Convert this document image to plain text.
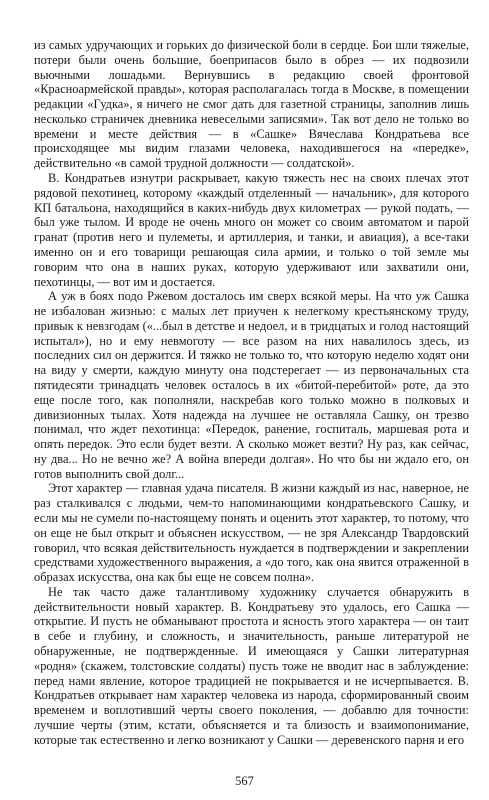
из самых удручающих и горьких до физической боли в сердце. Бои шли тяжелые, потери были очень большие, боеприпасов было в обрез — их подвозили вьючными лошадьми. Вернувшись в редакцию своей фронтовой «Красноармейской правды», которая располагалась тогда в Москве, в помещении редакции «Гудка», я ничего не смог дать для газетной страницы, заполнив лишь несколько страничек дневника невеселыми записями». Так вот дело не только во времени и месте действия — в «Сашке» Вячеслава Кондратьева все происходящее мы видим глазами человека, находившегося на «передке», действительно «в самой трудной должности — солдатской».

В. Кондратьев изнутри раскрывает, какую тяжесть нес на своих плечах этот рядовой пехотинец, которому «каждый отделенный — начальник», для которого КП батальона, находящийся в каких-нибудь двух километрах — рукой подать, — был уже тылом. И вроде не очень много он может со своим автоматом и парой гранат (против него и пулеметы, и артиллерия, и танки, и авиация), а все-таки именно он и его товарищи решающая сила армии, и только о той земле мы говорим что она в наших руках, которую удерживают или захватили они, пехотинцы, — вот им и достается.

А уж в боях подо Ржевом досталось им сверх всякой меры. На что уж Сашка не избалован жизнью: с малых лет приучен к нелегкому крестьянскому труду, привык к невзгодам («...был в детстве и недоел, и в тридцатых и голод настоящий испытал»), но и ему невмоготу — все разом на них навалилось здесь, из последних сил он держится. И тяжко не только то, что которую неделю ходят они на виду у смерти, каждую минуту она подстерегает — из первоначальных ста пятидесяти тринадцать человек осталось в их «битой-перебитой» роте, да это еще после того, как пополняли, наскребав кого только можно в полковых и дивизионных тылах. Хотя надежда на лучшее не оставляла Сашку, он трезво понимал, что ждет пехотинца: «Передок, ранение, госпиталь, маршевая рота и опять передок. Это если будет везти. А сколько может везти? Ну раз, как сейчас, ну два... Но не вечно же? А война впереди долгая». Но что бы ни ждало его, он готов выполнить свой долг...

Этот характер — главная удача писателя. В жизни каждый из нас, наверное, не раз сталкивался с людьми, чем-то напоминающими кондратьевского Сашку, и если мы не сумели по-настоящему понять и оценить этот характер, то потому, что он еще не был открыт и объяснен искусством, — не зря Александр Твардовский говорил, что всякая действительность нуждается в подтверждении и закреплении средствами художественного выражения, а «до того, как она явится отраженной в образах искусства, она как бы еще не совсем полна».

Не так часто даже талантливому художнику случается обнаружить в действительности новый характер. В. Кондратьеву это удалось, его Сашка — открытие. И пусть не обманывают простота и ясность этого характера — он таит в себе и глубину, и сложность, и значительность, раньше литературой не обнаруженные, не подтвержденные. И имеющаяся у Сашки литературная «родня» (скажем, толстовские солдаты) пусть тоже не вводит нас в заблуждение: перед нами явление, которое традицией не покрывается и не исчерпывается. В. Кондратьев открывает нам характер человека из народа, сформированный своим временем и воплотивший черты своего поколения, — добавлю для точности: лучшие черты (этим, кстати, объясняется и та близость и взаимопонимание, которые так естественно и легко возникают у Сашки — деревенского парня и его

567
